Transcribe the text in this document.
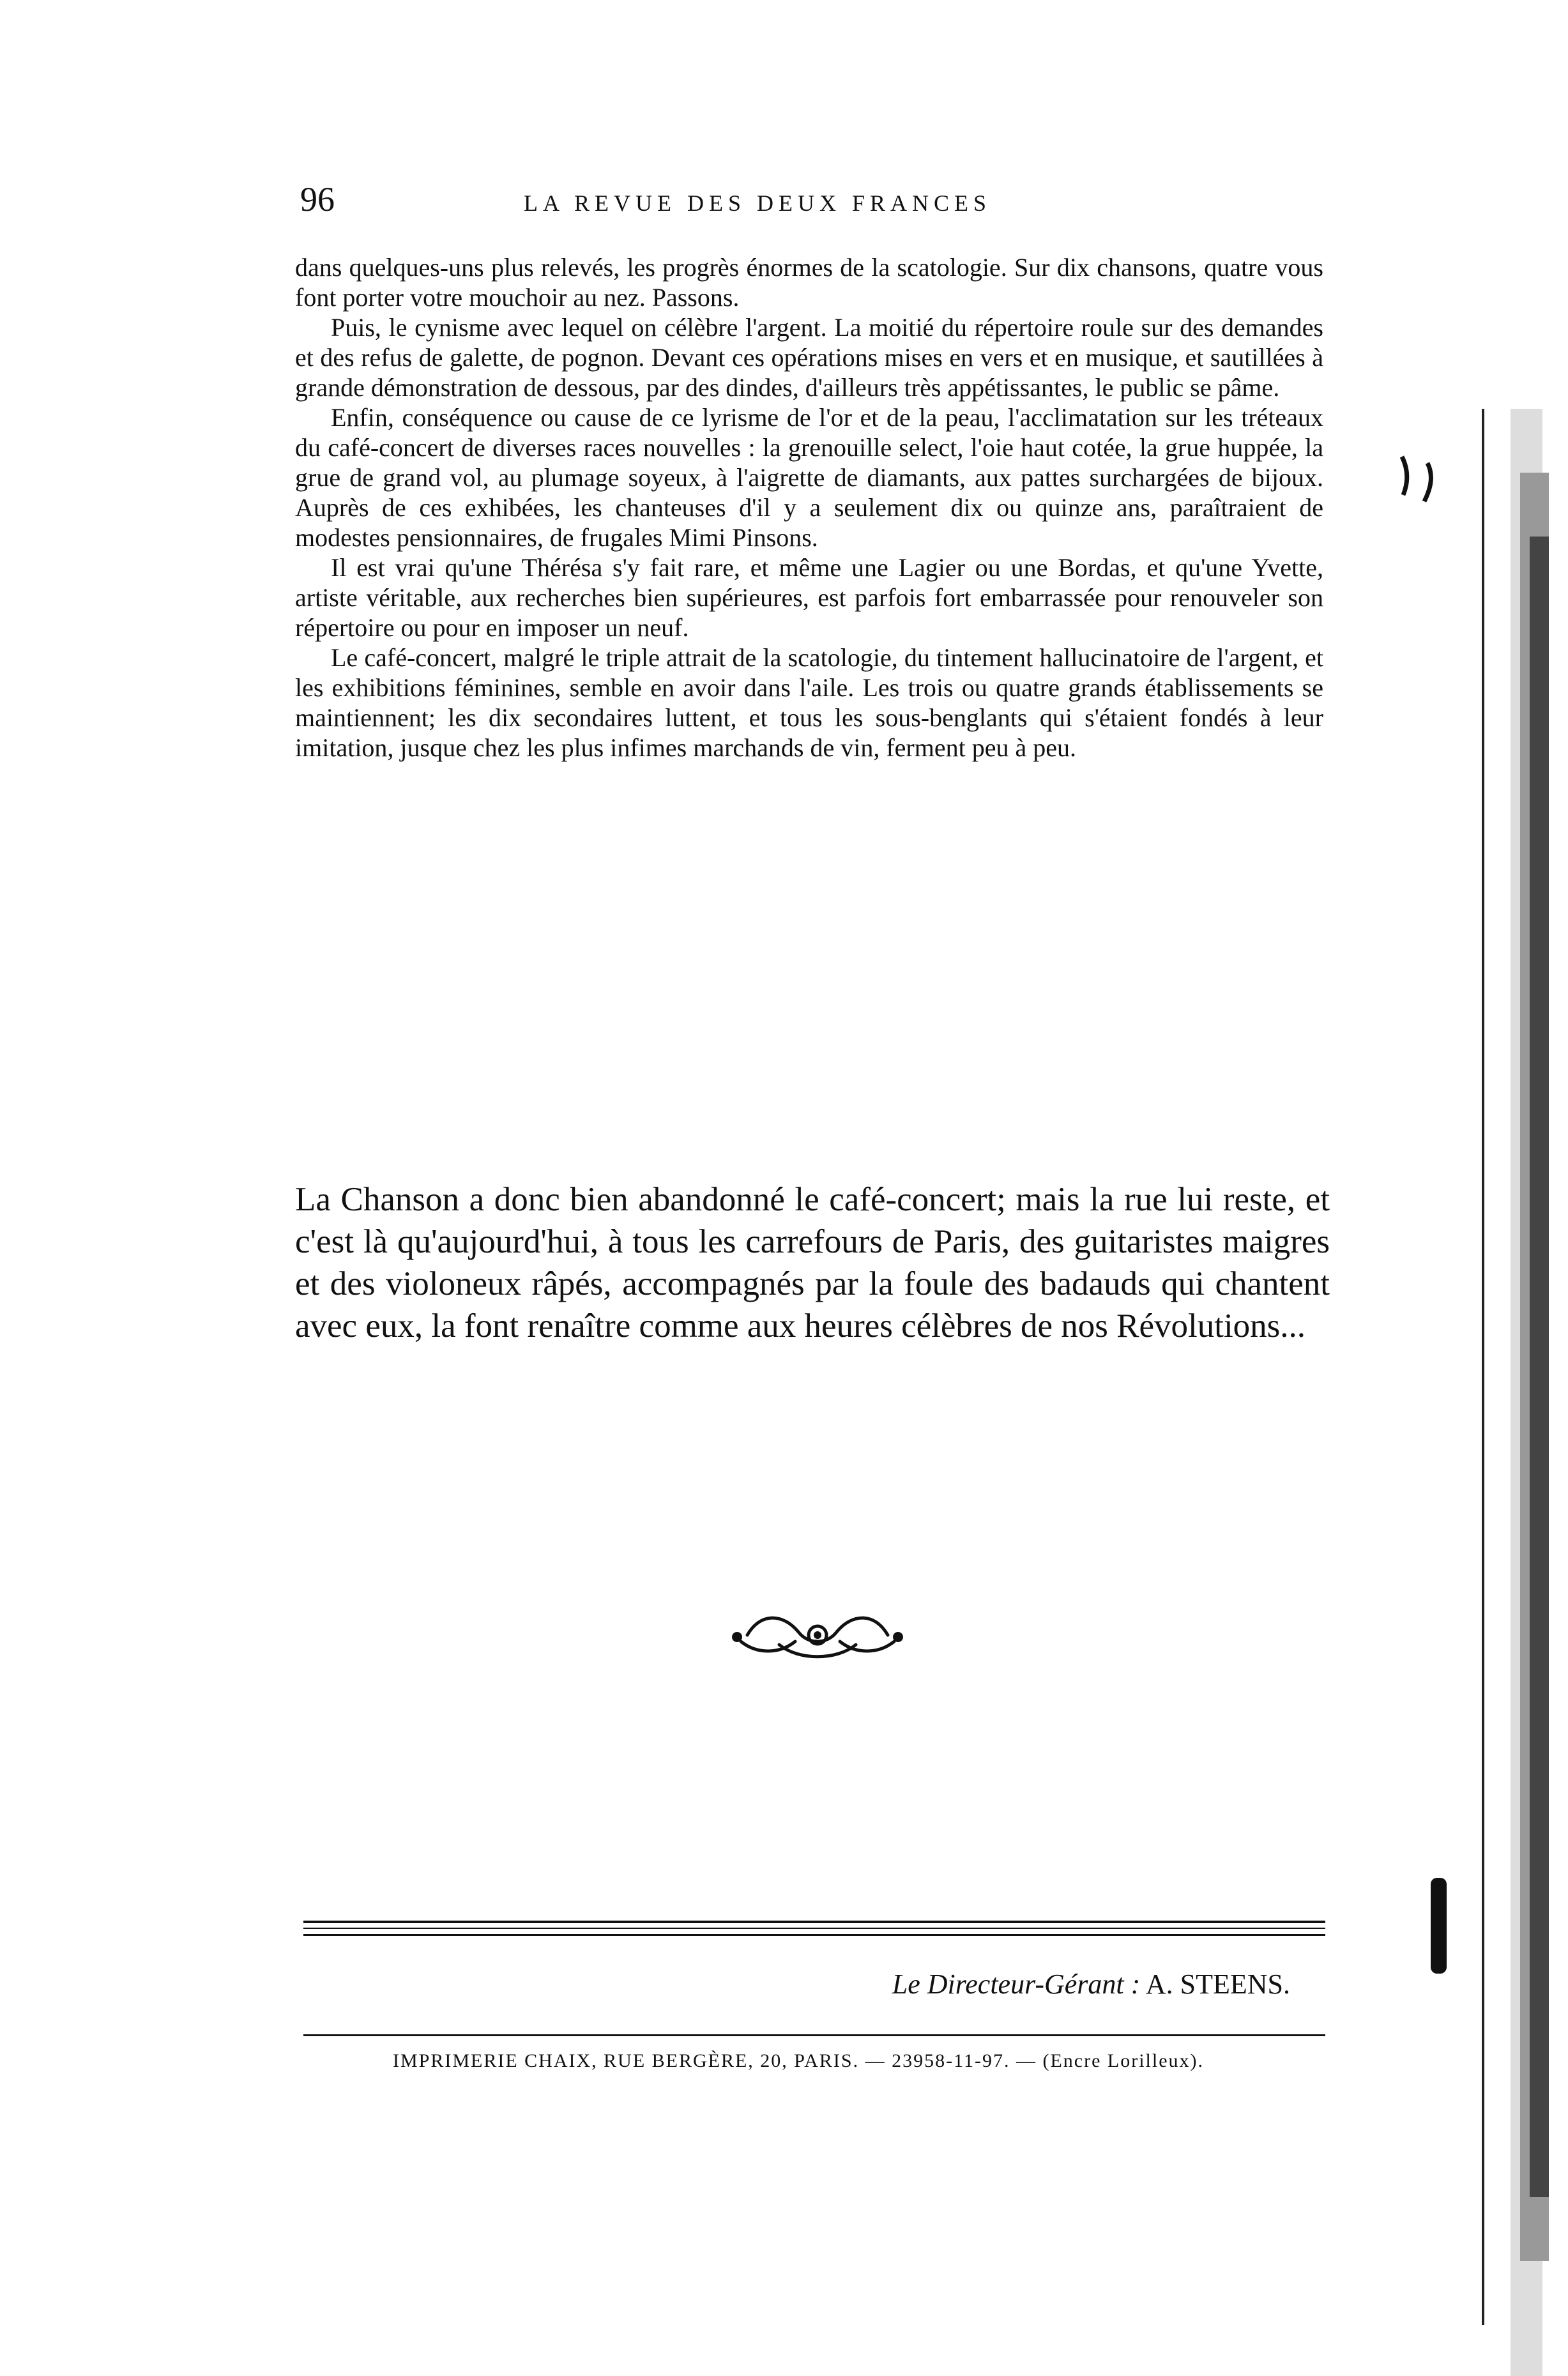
96	LA REVUE DES DEUX FRANCES

dans quelques-uns plus relevés, les progrès énormes de la scatologie. Sur dix chansons, quatre vous font porter votre mouchoir au nez. Passons.

Puis, le cynisme avec lequel on célèbre l'argent. La moitié du répertoire roule sur des demandes et des refus de galette, de pognon. Devant ces opérations mises en vers et en musique, et sautillées à grande démonstration de dessous, par des dindes, d'ailleurs très appétissantes, le public se pâme.

Enfin, conséquence ou cause de ce lyrisme de l'or et de la peau, l'acclimatation sur les tréteaux du café-concert de diverses races nouvelles : la grenouille select, l'oie haut cotée, la grue huppée, la grue de grand vol, au plumage soyeux, à l'aigrette de diamants, aux pattes surchargées de bijoux. Auprès de ces exhibées, les chanteuses d'il y a seulement dix ou quinze ans, paraîtraient de modestes pensionnaires, de frugales Mimi Pinsons.

Il est vrai qu'une Thérésa s'y fait rare, et même une Lagier ou une Bordas, et qu'une Yvette, artiste véritable, aux recherches bien supérieures, est parfois fort embarrassée pour renouveler son répertoire ou pour en imposer un neuf.

Le café-concert, malgré le triple attrait de la scatologie, du tintement hallucinatoire de l'argent, et les exhibitions féminines, semble en avoir dans l'aile. Les trois ou quatre grands établissements se maintiennent; les dix secondaires luttent, et tous les sous-benglants qui s'étaient fondés à leur imitation, jusque chez les plus infimes marchands de vin, ferment peu à peu.

La Chanson a donc bien abandonné le café-concert; mais la rue lui reste, et c'est là qu'aujourd'hui, à tous les carrefours de Paris, des guitaristes maigres et des violoneux râpés, accompagnés par la foule des badauds qui chantent avec eux, la font renaître comme aux heures célèbres de nos Révolutions...

Le Directeur-Gérant : A. STEENS.
IMPRIMERIE CHAIX, RUE BERGÈRE, 20, PARIS. — 23958-11-97. — (Encre Lorilleux).
